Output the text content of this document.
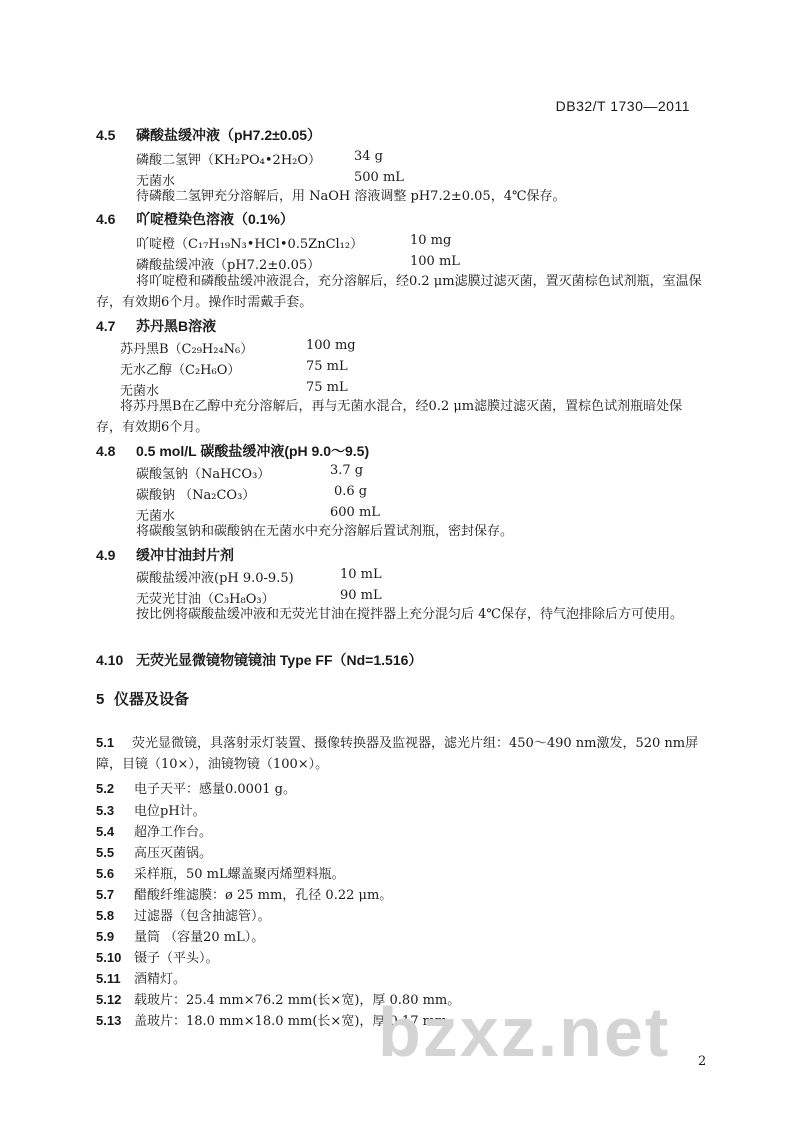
DB32/T 1730—2011
4.5 磷酸盐缓冲液（pH7.2±0.05）
磷酸二氢钾（KH₂PO₄•2H₂O）	34 g
无菌水	500 mL
待磷酸二氢钾充分溶解后，用 NaOH 溶液调整 pH7.2±0.05，4℃保存。
4.6 吖啶橙染色溶液（0.1%）
吖啶橙（C₁₇H₁₉N₃•HCl•0.5ZnCl₁₂）	10 mg
磷酸盐缓冲液（pH7.2±0.05）	100 mL
将吖啶橙和磷酸盐缓冲液混合，充分溶解后，经0.2 μm滤膜过滤灭菌，置灭菌棕色试剂瓶，室温保存，有效期6个月。操作时需戴手套。
4.7 苏丹黑B溶液
苏丹黑B（C₂₉H₂₄N₆）	100 mg
无水乙醇（C₂H₆O）	75 mL
无菌水	75 mL
将苏丹黑B在乙醇中充分溶解后，再与无菌水混合，经0.2 μm滤膜过滤灭菌，置棕色试剂瓶暗处保存，有效期6个月。
4.8 0.5 mol/L 碳酸盐缓冲液(pH 9.0～9.5)
碳酸氢钠（NaHCO₃）	3.7 g
碳酸钠 （Na₂CO₃）	0.6 g
无菌水	600 mL
将碳酸氢钠和碳酸钠在无菌水中充分溶解后置试剂瓶，密封保存。
4.9 缓冲甘油封片剂
碳酸盐缓冲液(pH 9.0-9.5)	10 mL
无荧光甘油（C₃H₈O₃）	90 mL
按比例将碳酸盐缓冲液和无荧光甘油在搅拌器上充分混匀后 4℃保存，待气泡排除后方可使用。
4.10 无荧光显微镜物镜镜油 Type FF（Nd=1.516）
5 仪器及设备
5.1 荧光显微镜，具落射汞灯装置、摄像转换器及监视器，滤光片组：450～490 nm激发，520 nm屏障，目镜（10×），油镜物镜（100×）。
5.2 电子天平：感量0.0001 g。
5.3 电位pH计。
5.4 超净工作台。
5.5 高压灭菌锅。
5.6 采样瓶，50 mL螺盖聚丙烯塑料瓶。
5.7 醋酸纤维滤膜：ø 25 mm，孔径 0.22 μm。
5.8 过滤器（包含抽滤管）。
5.9 量筒 （容量20 mL）。
5.10 镊子（平头）。
5.11 酒精灯。
5.12 载玻片：25.4 mm×76.2 mm(长×宽)，厚 0.80 mm。
5.13 盖玻片：18.0 mm×18.0 mm(长×宽)，厚 0.17 mm。
2
bzxz.net
